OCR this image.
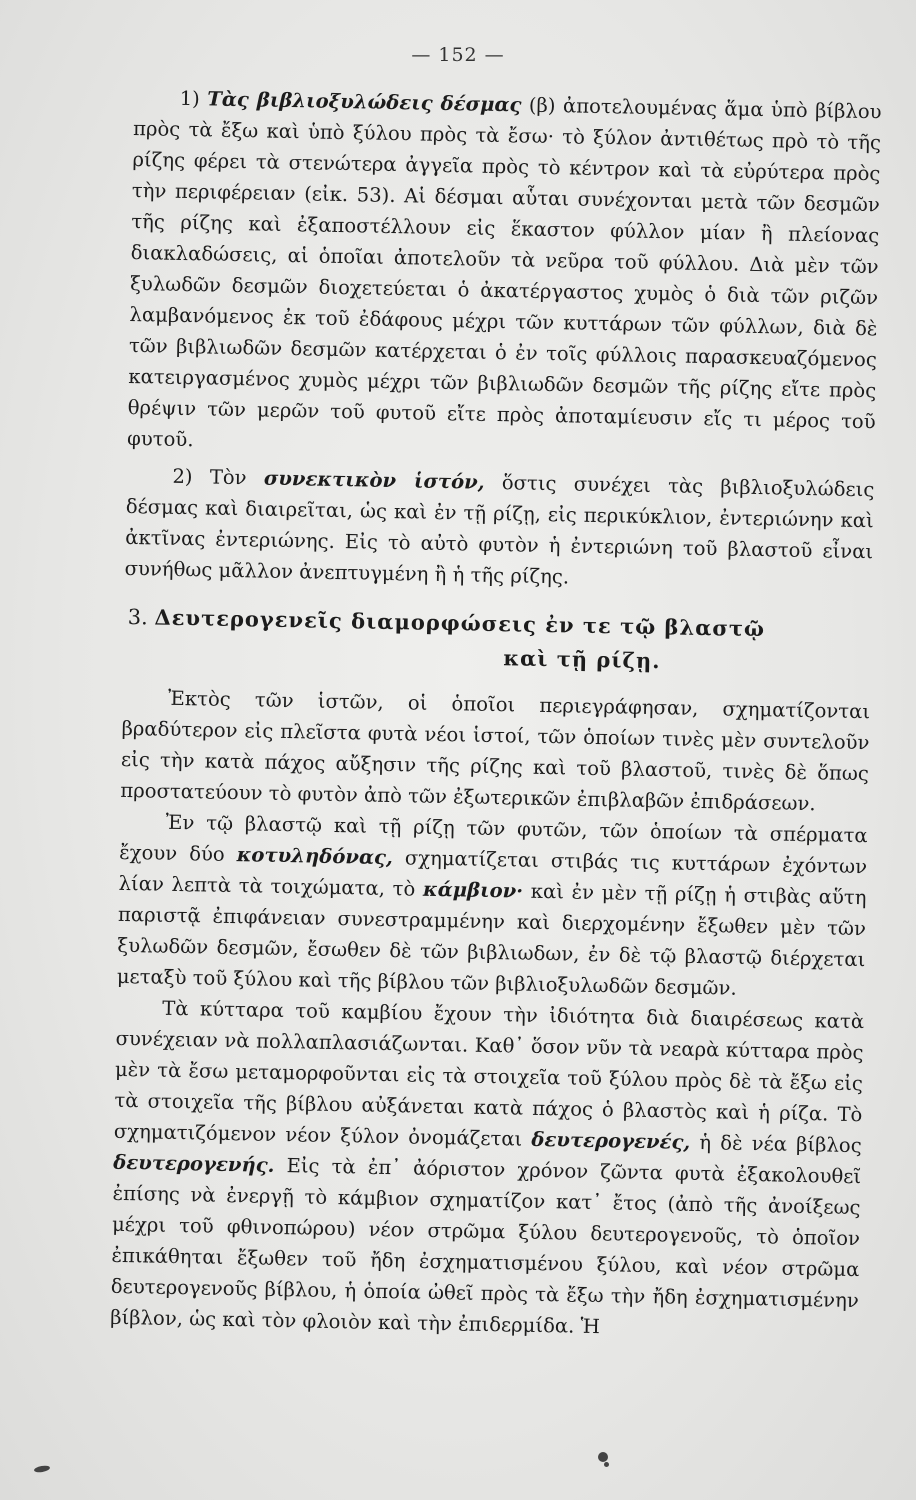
— 152 —

1) Τὰς βιβλιοξυλώδεις δέσμας (β) ἀποτελουμένας ἅμα ὑπὸ βίβλου πρὸς τὰ ἔξω καὶ ὑπὸ ξύλου πρὸς τὰ ἔσω· τὸ ξύλον ἀντιθέτως πρὸ τὸ τῆς ρίζης φέρει τὰ στενώτερα ἀγγεῖα πρὸς τὸ κέντρον καὶ τὰ εὐρύτερα πρὸς τὴν περιφέρειαν (εἰκ. 53). Αἱ δέσμαι αὗται συνέχονται μετὰ τῶν δεσμῶν τῆς ρίζης καὶ ἐξαποστέλλουν εἰς ἕκαστον φύλλον μίαν ἢ πλείονας διακλαδώσεις, αἱ ὁποῖαι ἀποτελοῦν τὰ νεῦρα τοῦ φύλλου. Διὰ μὲν τῶν ξυλωδῶν δεσμῶν διοχετεύεται ὁ ἀκατέργαστος χυμὸς ὁ διὰ τῶν ριζῶν λαμβανόμενος ἐκ τοῦ ἐδάφους μέχρι τῶν κυττάρων τῶν φύλλων, διὰ δὲ τῶν βιβλιωδῶν δεσμῶν κατέρχεται ὁ ἐν τοῖς φύλλοις παρασκευαζόμενος κατειργασμένος χυμὸς μέχρι τῶν βιβλιωδῶν δεσμῶν τῆς ρίζης εἴτε πρὸς θρέψιν τῶν μερῶν τοῦ φυτοῦ εἴτε πρὸς ἀποταμίευσιν εἴς τι μέρος τοῦ φυτοῦ.

2) Τὸν συνεκτικὸν ἱστόν, ὅστις συνέχει τὰς βιβλιοξυλώδεις δέσμας καὶ διαιρεῖται, ὡς καὶ ἐν τῇ ρίζῃ, εἰς περικύκλιον, ἐντεριώνην καὶ ἀκτῖνας ἐντεριώνης. Εἰς τὸ αὐτὸ φυτὸν ἡ ἐντεριώνη τοῦ βλαστοῦ εἶναι συνήθως μᾶλλον ἀνεπτυγμένη ἢ ἡ τῆς ρίζης.

3. Δευτερογενεῖς διαμορφώσεις ἐν τε τῷ βλαστῷ
καὶ τῇ ρίζῃ.

Ἐκτὸς τῶν ἱστῶν, οἱ ὁποῖοι περιεγράφησαν, σχηματίζονται βραδύτερον εἰς πλεῖστα φυτὰ νέοι ἱστοί, τῶν ὁποίων τινὲς μὲν συντελοῦν εἰς τὴν κατὰ πάχος αὔξησιν τῆς ρίζης καὶ τοῦ βλαστοῦ, τινὲς δὲ ὅπως προστατεύουν τὸ φυτὸν ἀπὸ τῶν ἐξωτερικῶν ἐπιβλαβῶν ἐπιδράσεων.

Ἐν τῷ βλαστῷ καὶ τῇ ρίζῃ τῶν φυτῶν, τῶν ὁποίων τὰ σπέρματα ἔχουν δύο κοτυληδόνας, σχηματίζεται στιβάς τις κυττάρων ἐχόντων λίαν λεπτὰ τὰ τοιχώματα, τὸ κάμβιον· καὶ ἐν μὲν τῇ ρίζῃ ἡ στιβὰς αὕτη παριστᾷ ἐπιφάνειαν συνεστραμμένην καὶ διερχομένην ἔξωθεν μὲν τῶν ξυλωδῶν δεσμῶν, ἔσωθεν δὲ τῶν βιβλιωδων, ἐν δὲ τῷ βλαστῷ διέρχεται μεταξὺ τοῦ ξύλου καὶ τῆς βίβλου τῶν βιβλιοξυλωδῶν δεσμῶν.

Τὰ κύτταρα τοῦ καμβίου ἔχουν τὴν ἰδιότητα διὰ διαιρέσεως κατὰ συνέχειαν νὰ πολλαπλασιάζωνται. Καθ᾽ ὅσον νῦν τὰ νεαρὰ κύτταρα πρὸς μὲν τὰ ἔσω μεταμορφοῦνται εἰς τὰ στοιχεῖα τοῦ ξύλου πρὸς δὲ τὰ ἔξω εἰς τὰ στοιχεῖα τῆς βίβλου αὐξάνεται κατὰ πάχος ὁ βλαστὸς καὶ ἡ ρίζα. Τὸ σχηματιζόμενον νέον ξύλον ὀνομάζεται δευτερογενές, ἡ δὲ νέα βίβλος δευτερογενής. Εἰς τὰ ἐπ᾽ ἀόριστον χρόνον ζῶντα φυτὰ ἐξακολουθεῖ ἐπίσης νὰ ἐνεργῇ τὸ κάμβιον σχηματίζον κατ᾽ ἔτος (ἀπὸ τῆς ἀνοίξεως μέχρι τοῦ φθινοπώρου) νέον στρῶμα ξύλου δευτερογενοῦς, τὸ ὁποῖον ἐπικάθηται ἔξωθεν τοῦ ἤδη ἐσχηματισμένου ξύλου, καὶ νέον στρῶμα δευτερογενοῦς βίβλου, ἡ ὁποία ὠθεῖ πρὸς τὰ ἔξω τὴν ἤδη ἐσχηματισμένην βίβλον, ὡς καὶ τὸν φλοιὸν καὶ τὴν ἐπιδερμίδα. Ἡ
